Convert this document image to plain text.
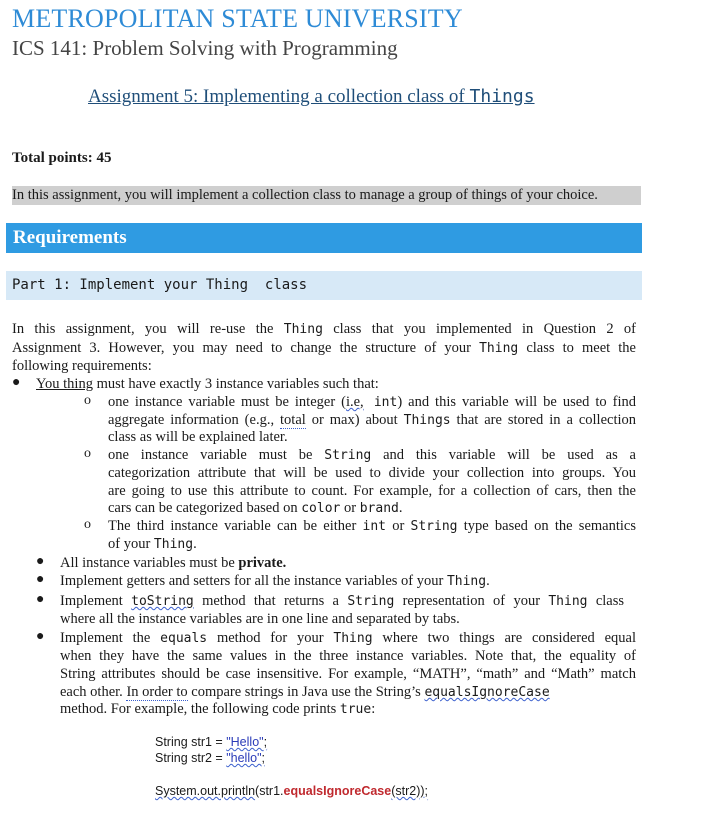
METROPOLITAN STATE UNIVERSITY
ICS 141: Problem Solving with Programming
Assignment 5: Implementing a collection class of Things
Total points: 45
In this assignment, you will implement a collection class to manage a group of things of your choice.
Requirements
Part 1: Implement your Thing  class
In this assignment, you will re-use the Thing class that you implemented in Question 2 of
Assignment 3. However, you may need to change the structure of your Thing class to meet the
following requirements:
● You thing must have exactly 3 instance variables such that:
o one instance variable must be integer (i.e, int) and this variable will be used to find
aggregate information (e.g., total or max) about Things that are stored in a collection
class as will be explained later.
o one instance variable must be String and this variable will be used as a
categorization attribute that will be used to divide your collection into groups. You
are going to use this attribute to count. For example, for a collection of cars, then the
cars can be categorized based on color or brand.
o The third instance variable can be either int or String type based on the semantics
of your Thing.
● All instance variables must be private.
● Implement getters and setters for all the instance variables of your Thing.
● Implement toString method that returns a String representation of your Thing class
where all the instance variables are in one line and separated by tabs.
● Implement the equals method for your Thing where two things are considered equal
when they have the same values in the three instance variables. Note that, the equality of
String attributes should be case insensitive. For example, “MATH”, “math” and “Math” match
each other. In order to compare strings in Java use the String’s equalsIgnoreCase
method. For example, the following code prints true:
String str1 = "Hello";
String str2 = "hello";
System.out.println(str1.equalsIgnoreCase(str2));
